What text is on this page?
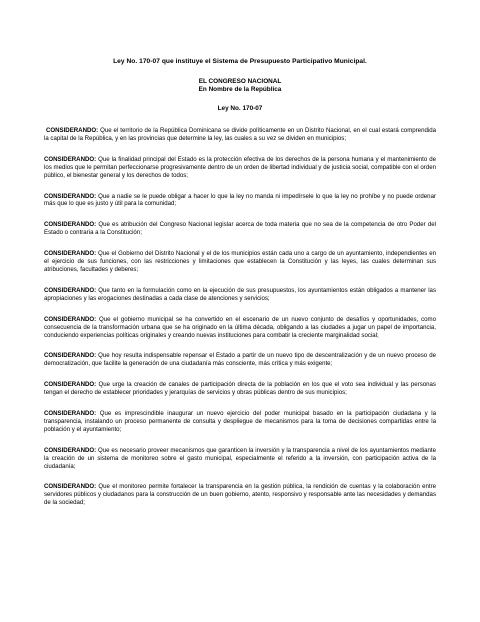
Ley No. 170-07 que instituye el Sistema de Presupuesto Participativo Municipal.
EL CONGRESO NACIONAL
En Nombre de la República
Ley No. 170-07

CONSIDERANDO: Que el territorio de la República Dominicana se divide políticamente en un Distrito Nacional, en el cual estará comprendida la capital de la República, y en las provincias que determine la ley, las cuales a su vez se dividen en municipios;

CONSIDERANDO: Que la finalidad principal del Estado es la protección efectiva de los derechos de la persona humana y el mantenimiento de los medios que le permitan perfeccionarse progresivamente dentro de un orden de libertad individual y de justicia social, compatible con el orden público, el bienestar general y los derechos de todos;

CONSIDERANDO: Que a nadie se le puede obligar a hacer lo que la ley no manda ni impedírsele lo que la ley no prohíbe y no puede ordenar más que lo que es justo y útil para la comunidad;

CONSIDERANDO: Que es atribución del Congreso Nacional legislar acerca de toda materia que no sea de la competencia de otro Poder del Estado o contraria a la Constitución;

CONSIDERANDO: Que el Gobierno del Distrito Nacional y el de los municipios están cada uno a cargo de un ayuntamiento, independientes en el ejercicio de sus funciones, con las restricciones y limitaciones que establecen la Constitución y las leyes, las cuales determinan sus atribuciones, facultades y deberes;

CONSIDERANDO: Que tanto en la formulación como en la ejecución de sus presupuestos, los ayuntamientos están obligados a mantener las apropiaciones y las erogaciones destinadas a cada clase de atenciones y servicios;

CONSIDERANDO: Que el gobierno municipal se ha convertido en el escenario de un nuevo conjunto de desafíos y oportunidades, como consecuencia de la transformación urbana que se ha originado en la última década, obligando a las ciudades a jugar un papel de importancia, conduciendo experiencias políticas originales y creando nuevas instituciones para combatir la creciente marginalidad social;

CONSIDERANDO: Que hoy resulta indispensable repensar el Estado a partir de un nuevo tipo de descentralización y de un nuevo proceso de democratización, que facilite la generación de una ciudadanía más consciente, más crítica y más exigente;

CONSIDERANDO: Que urge la creación de canales de participación directa de la población en los que el voto sea individual y las personas tengan el derecho de establecer prioridades y jerarquías de servicios y obras públicas dentro de sus municipios;

CONSIDERANDO: Que es imprescindible inaugurar un nuevo ejercicio del poder municipal basado en la participación ciudadana y la transparencia, instalando un proceso permanente de consulta y despliegue de mecanismos para la toma de decisiones compartidas entre la población y el ayuntamiento;

CONSIDERANDO: Que es necesario proveer mecanismos que garanticen la inversión y la transparencia a nivel de los ayuntamientos mediante la creación de un sistema de monitoreo sobre el gasto municipal, especialmente el referido a la inversión, con participación activa de la ciudadanía;

CONSIDERANDO: Que el monitoreo permite fortalecer la transparencia en la gestión pública, la rendición de cuentas y la colaboración entre servidores públicos y ciudadanos para la construcción de un buen gobierno, atento, responsivo y responsable ante las necesidades y demandas de la sociedad;
